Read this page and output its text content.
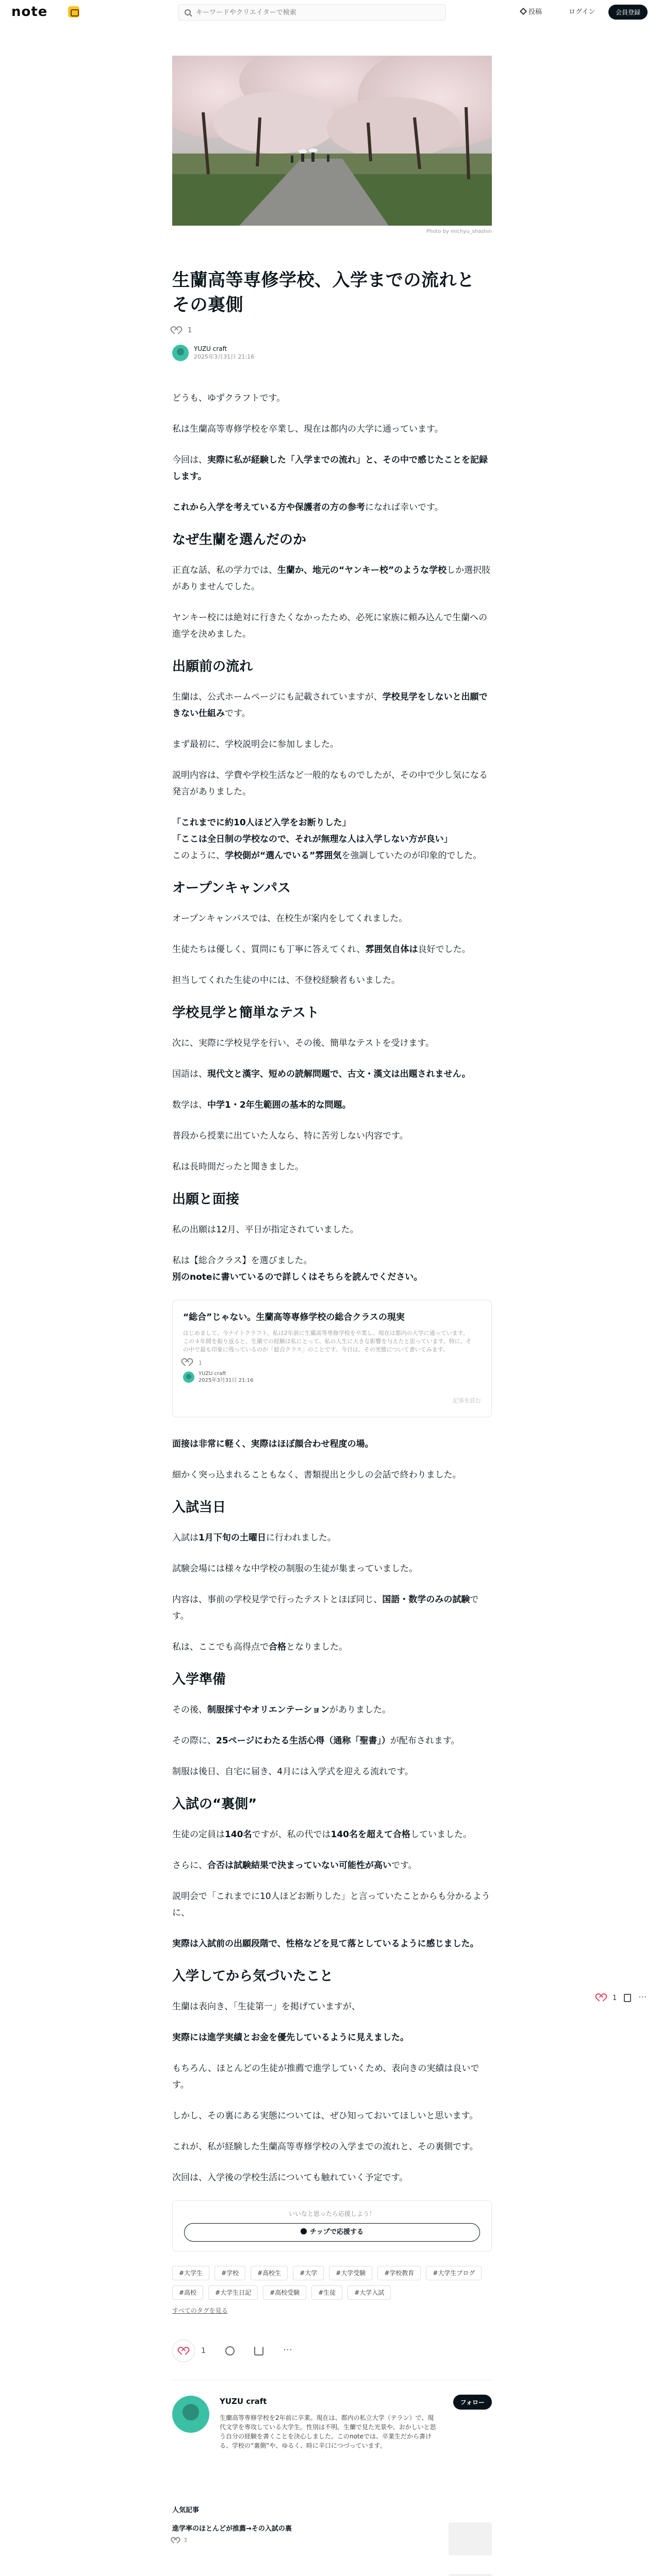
note
キーワードやクリエイターで検索	投稿	ログイン	会員登録
Photo by michyu_shashin
生蘭高等専修学校、入学までの流れとその裏側
1
YUZU craft
2025年3月31日 21:16

どうも、ゆずクラフトです。

私は生蘭高等専修学校を卒業し、現在は都内の大学に通っています。

今回は、実際に私が経験した「入学までの流れ」と、その中で感じたことを記録します。

これから入学を考えている方や保護者の方の参考になれば幸いです。

なぜ生蘭を選んだのか

正直な話、私の学力では、生蘭か、地元の“ヤンキー校”のような学校しか選択肢がありませんでした。

ヤンキー校には絶対に行きたくなかったため、必死に家族に頼み込んで生蘭への進学を決めました。

出願前の流れ

生蘭は、公式ホームページにも記載されていますが、学校見学をしないと出願できない仕組みです。

まず最初に、学校説明会に参加しました。

説明内容は、学費や学校生活など一般的なものでしたが、その中で少し気になる発言がありました。

「これまでに約10人ほど入学をお断りした」

「ここは全日制の学校なので、それが無理な人は入学しない方が良い」

このように、学校側が“選んでいる”雰囲気を強調していたのが印象的でした。

オープンキャンパス

オープンキャンパスでは、在校生が案内をしてくれました。

生徒たちは優しく、質問にも丁寧に答えてくれ、雰囲気自体は良好でした。

担当してくれた生徒の中には、不登校経験者もいました。

学校見学と簡単なテスト

次に、実際に学校見学を行い、その後、簡単なテストを受けます。

国語は、現代文と漢字、短めの読解問題で、古文・漢文は出題されません。

数学は、中学1・2年生範囲の基本的な問題。

普段から授業に出ていた人なら、特に苦労しない内容です。

私は長時間だったと聞きました。

出願と面接

私の出願は12月、平日が指定されていました。

私は【総合クラス】を選びました。

別のnoteに書いているので詳しくはそちらを読んでください。

“総合”じゃない。生蘭高等専修学校の総合クラスの現実
はじめまして。今ナイトクラフト。私は2年前に生蘭高等専修学校を卒業し、現在は都内の大学に通っています。この４年間を振り返ると、生蘭での経験は私にとって、私の人生に大きな影響を与えたと思っています。特に、その中で最も印象に残っているのが「総合クラス」のことです。今日は、その実態について書いてみます。
1
YUZU craft
2025年3月31日 21:16
記事を読む

面接は非常に軽く、実際はほぼ顔合わせ程度の場。

細かく突っ込まれることもなく、書類提出と少しの会話で終わりました。

入試当日

入試は1月下旬の土曜日に行われました。

試験会場には様々な中学校の制服の生徒が集まっていました。

内容は、事前の学校見学で行ったテストとほぼ同じ、国語・数学のみの試験です。

私は、ここでも高得点で合格となりました。

入学準備

その後、制服採寸やオリエンテーションがありました。

その際に、25ページにわたる生活心得（通称「聖書」）が配布されます。

制服は後日、自宅に届き、4月には入学式を迎える流れです。

入試の“裏側”

生徒の定員は140名ですが、私の代では140名を超えて合格していました。

さらに、合否は試験結果で決まっていない可能性が高いです。

説明会で「これまでに10人ほどお断りした」と言っていたことからも分かるように、

実際は入試前の出願段階で、性格などを見て落としているように感じました。

入学してから気づいたこと

生蘭は表向き、「生徒第一」を掲げていますが、

実際には進学実績とお金を優先しているように見えました。

もちろん、ほとんどの生徒が推薦で進学していくため、表向きの実績は良いです。

しかし、その裏にある実態については、ぜひ知っておいてほしいと思います。

これが、私が経験した生蘭高等専修学校の入学までの流れと、その裏側です。

次回は、入学後の学校生活についても触れていく予定です。

いいなと思ったら応援しよう！
チップで応援する
#大学生	#学校	#高校生	#大学	#大学受験	#学校教育	#大学生ブログ
#高校	#大学生日記	#高校受験	#生徒	#大学入試
すべてのタグを見る
1
…
YUZU craft	フォロー
生蘭高等専修学校を2年前に卒業。現在は、都内の私立大学（テラン）で、現代文学を専攻している大学生。性別は不明。生蘭で見た光景や、おかしいと思う自分の経験を書くことを決心しました。このnoteでは、卒業生だから書ける、学校の“裏側”や、ゆるく、時に辛口につづっています。
人気記事
進学率のほとんどが推薦→その入試の裏
3
1
…
